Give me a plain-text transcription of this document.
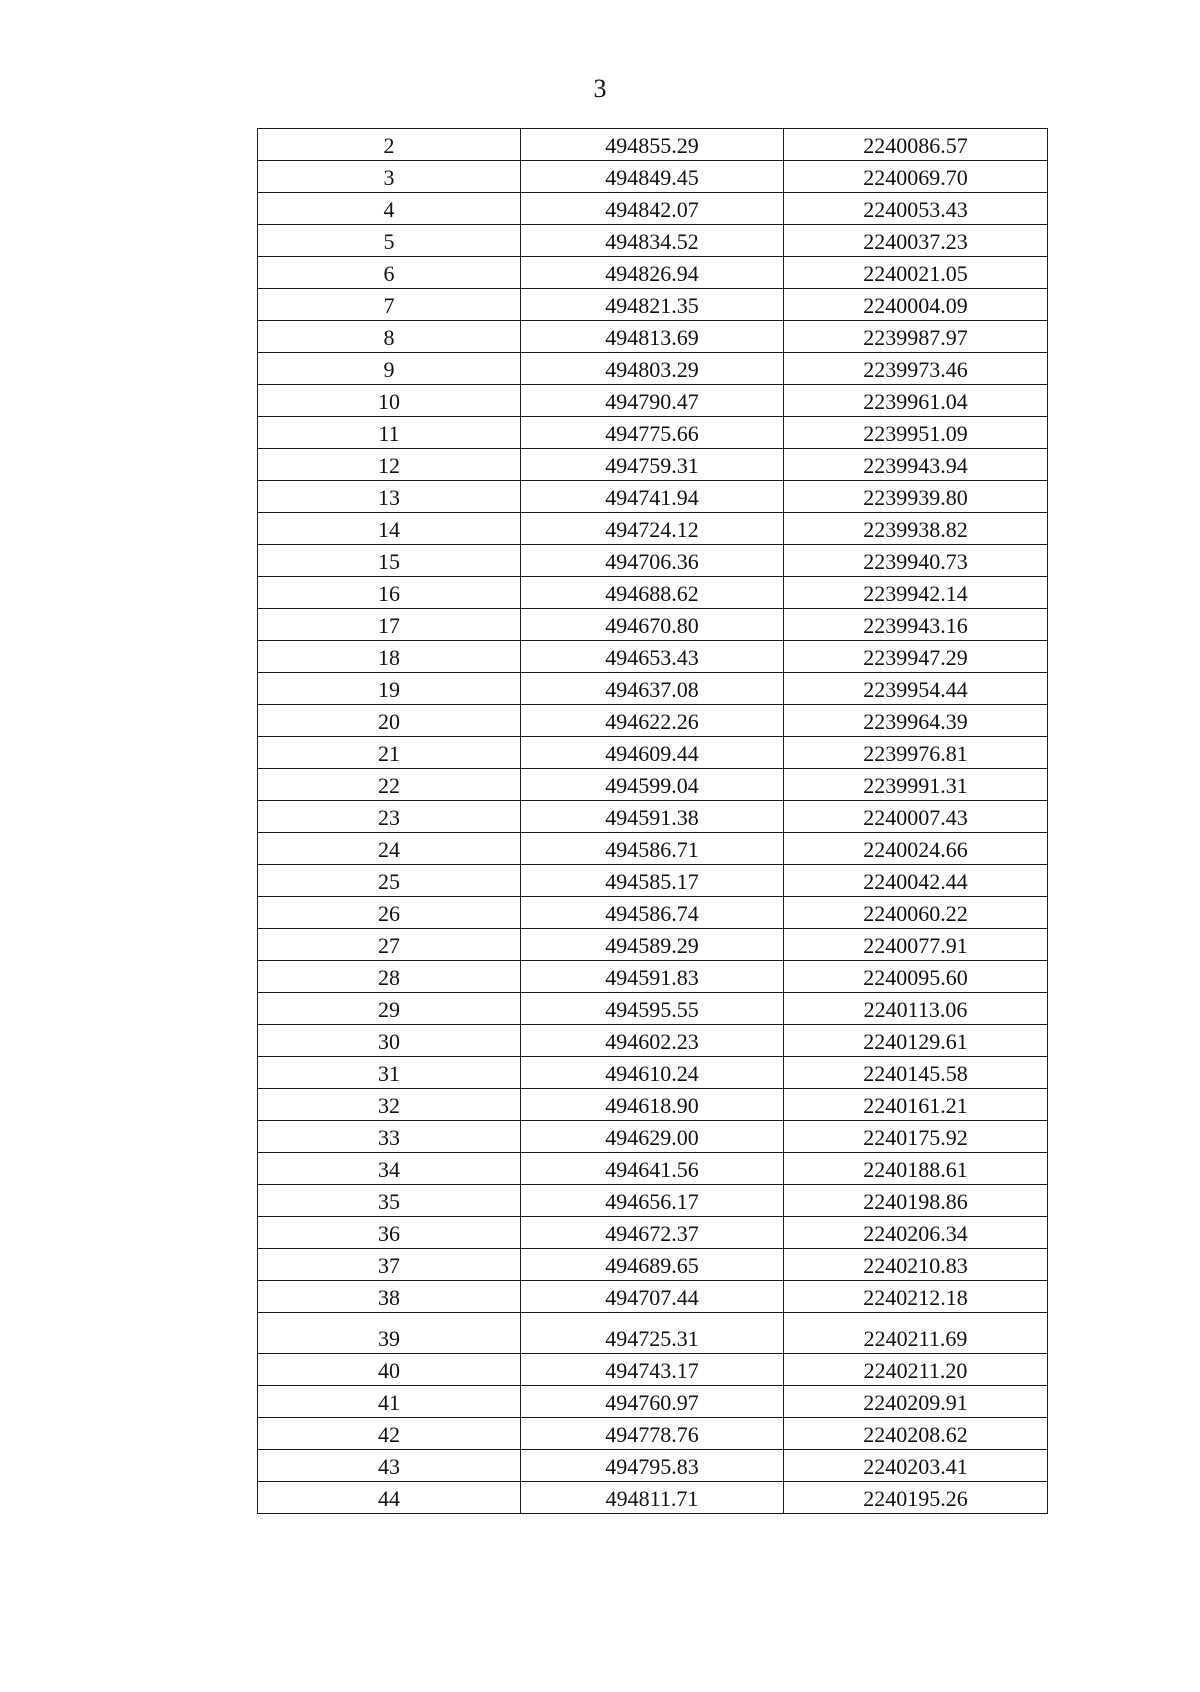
3
2	494855.29	2240086.57
3	494849.45	2240069.70
4	494842.07	2240053.43
5	494834.52	2240037.23
6	494826.94	2240021.05
7	494821.35	2240004.09
8	494813.69	2239987.97
9	494803.29	2239973.46
10	494790.47	2239961.04
11	494775.66	2239951.09
12	494759.31	2239943.94
13	494741.94	2239939.80
14	494724.12	2239938.82
15	494706.36	2239940.73
16	494688.62	2239942.14
17	494670.80	2239943.16
18	494653.43	2239947.29
19	494637.08	2239954.44
20	494622.26	2239964.39
21	494609.44	2239976.81
22	494599.04	2239991.31
23	494591.38	2240007.43
24	494586.71	2240024.66
25	494585.17	2240042.44
26	494586.74	2240060.22
27	494589.29	2240077.91
28	494591.83	2240095.60
29	494595.55	2240113.06
30	494602.23	2240129.61
31	494610.24	2240145.58
32	494618.90	2240161.21
33	494629.00	2240175.92
34	494641.56	2240188.61
35	494656.17	2240198.86
36	494672.37	2240206.34
37	494689.65	2240210.83
38	494707.44	2240212.18
39	494725.31	2240211.69
40	494743.17	2240211.20
41	494760.97	2240209.91
42	494778.76	2240208.62
43	494795.83	2240203.41
44	494811.71	2240195.26
